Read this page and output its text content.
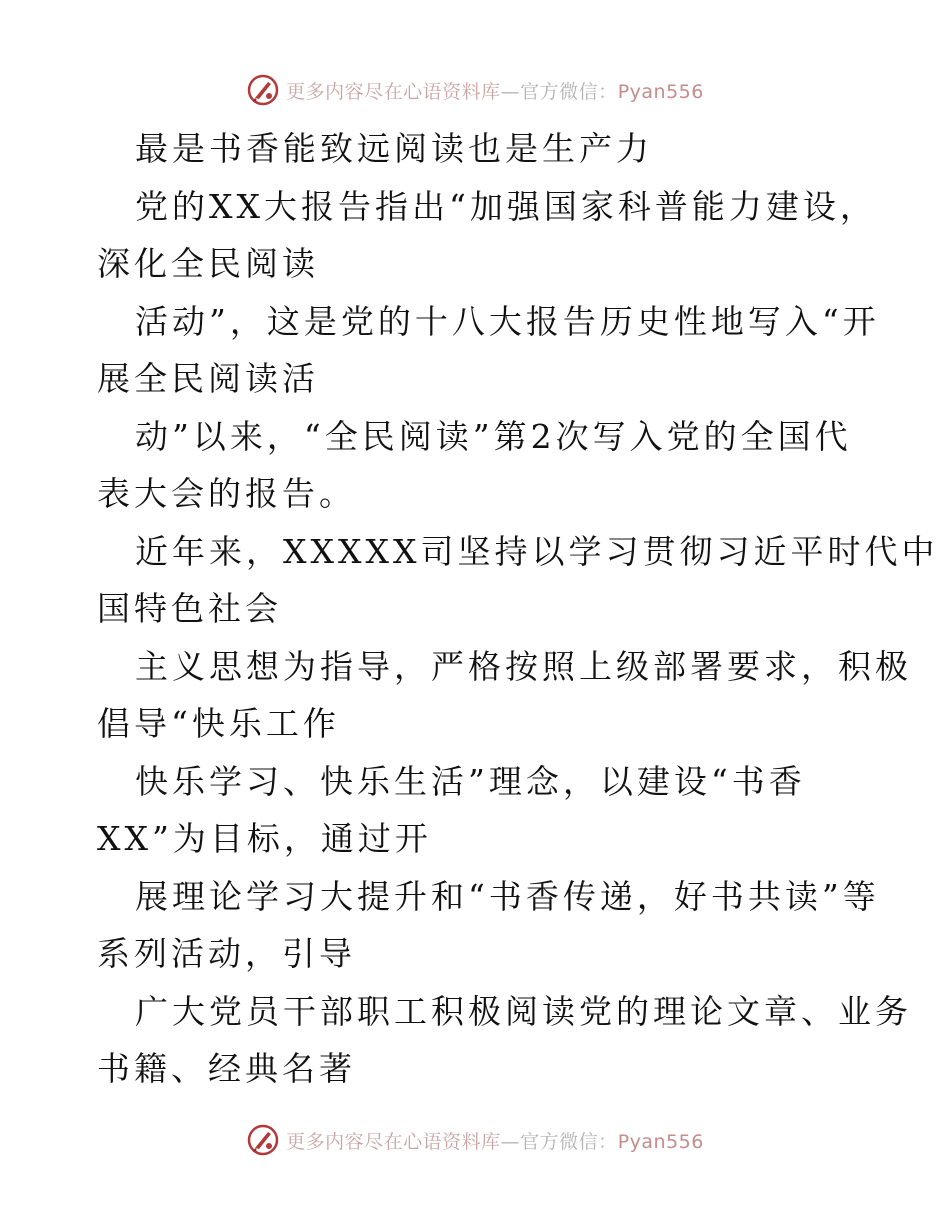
更多内容尽在心语资料库—官方微信：Pyan556
最是书香能致远阅读也是生产力
党的XX大报告指出“加强国家科普能力建设，
深化全民阅读
活动”，这是党的十八大报告历史性地写入“开
展全民阅读活
动”以来，“全民阅读”第2次写入党的全国代
表大会的报告。
近年来，XXXXX司坚持以学习贯彻习近平时代中
国特色社会
主义思想为指导，严格按照上级部署要求，积极
倡导“快乐工作
快乐学习、快乐生活”理念，以建设“书香
XX”为目标，通过开
展理论学习大提升和“书香传递，好书共读”等
系列活动，引导
广大党员干部职工积极阅读党的理论文章、业务
书籍、经典名著
更多内容尽在心语资料库—官方微信：Pyan556
